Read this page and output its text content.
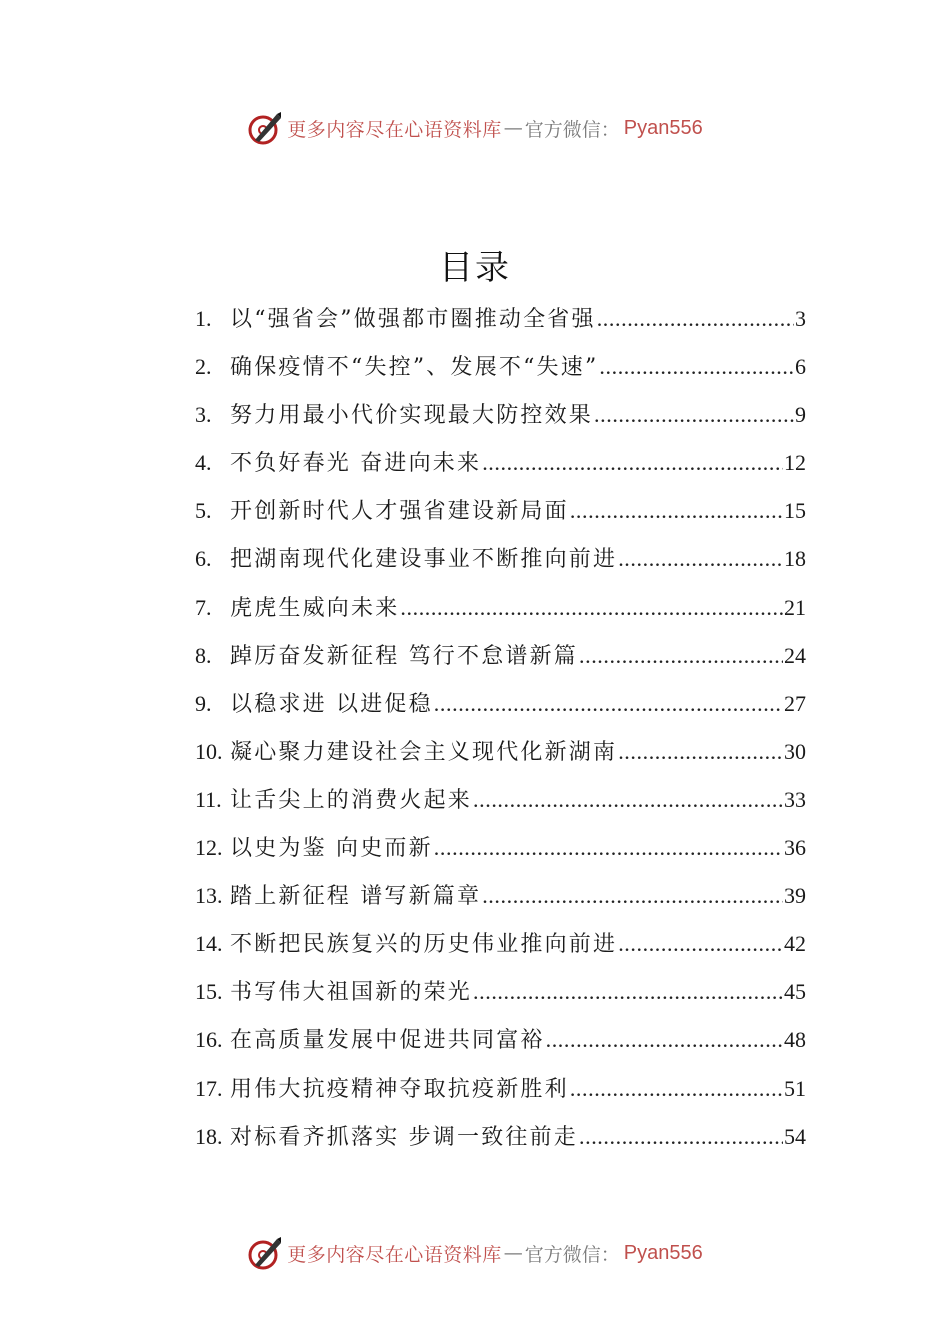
更多内容尽在心语资料库 — 官方微信： Pyan556
目录
1. 以“强省会”做强都市圈推动全省强 .....	3
2. 确保疫情不“失控”、发展不“失速” .....	6
3. 努力用最小代价实现最大防控效果 .....	9
4. 不负好春光 奋进向未来 .....	12
5. 开创新时代人才强省建设新局面 .....	15
6. 把湖南现代化建设事业不断推向前进 .....	18
7. 虎虎生威向未来 .....	21
8. 踔厉奋发新征程 笃行不怠谱新篇 .....	24
9. 以稳求进 以进促稳 .....	27
10. 凝心聚力建设社会主义现代化新湖南 .....	30
11. 让舌尖上的消费火起来 .....	33
12. 以史为鉴 向史而新 .....	36
13. 踏上新征程 谱写新篇章 .....	39
14. 不断把民族复兴的历史伟业推向前进 .....	42
15. 书写伟大祖国新的荣光 .....	45
16. 在高质量发展中促进共同富裕 .....	48
17. 用伟大抗疫精神夺取抗疫新胜利 .....	51
18. 对标看齐抓落实 步调一致往前走 .....	54
更多内容尽在心语资料库 — 官方微信： Pyan556
